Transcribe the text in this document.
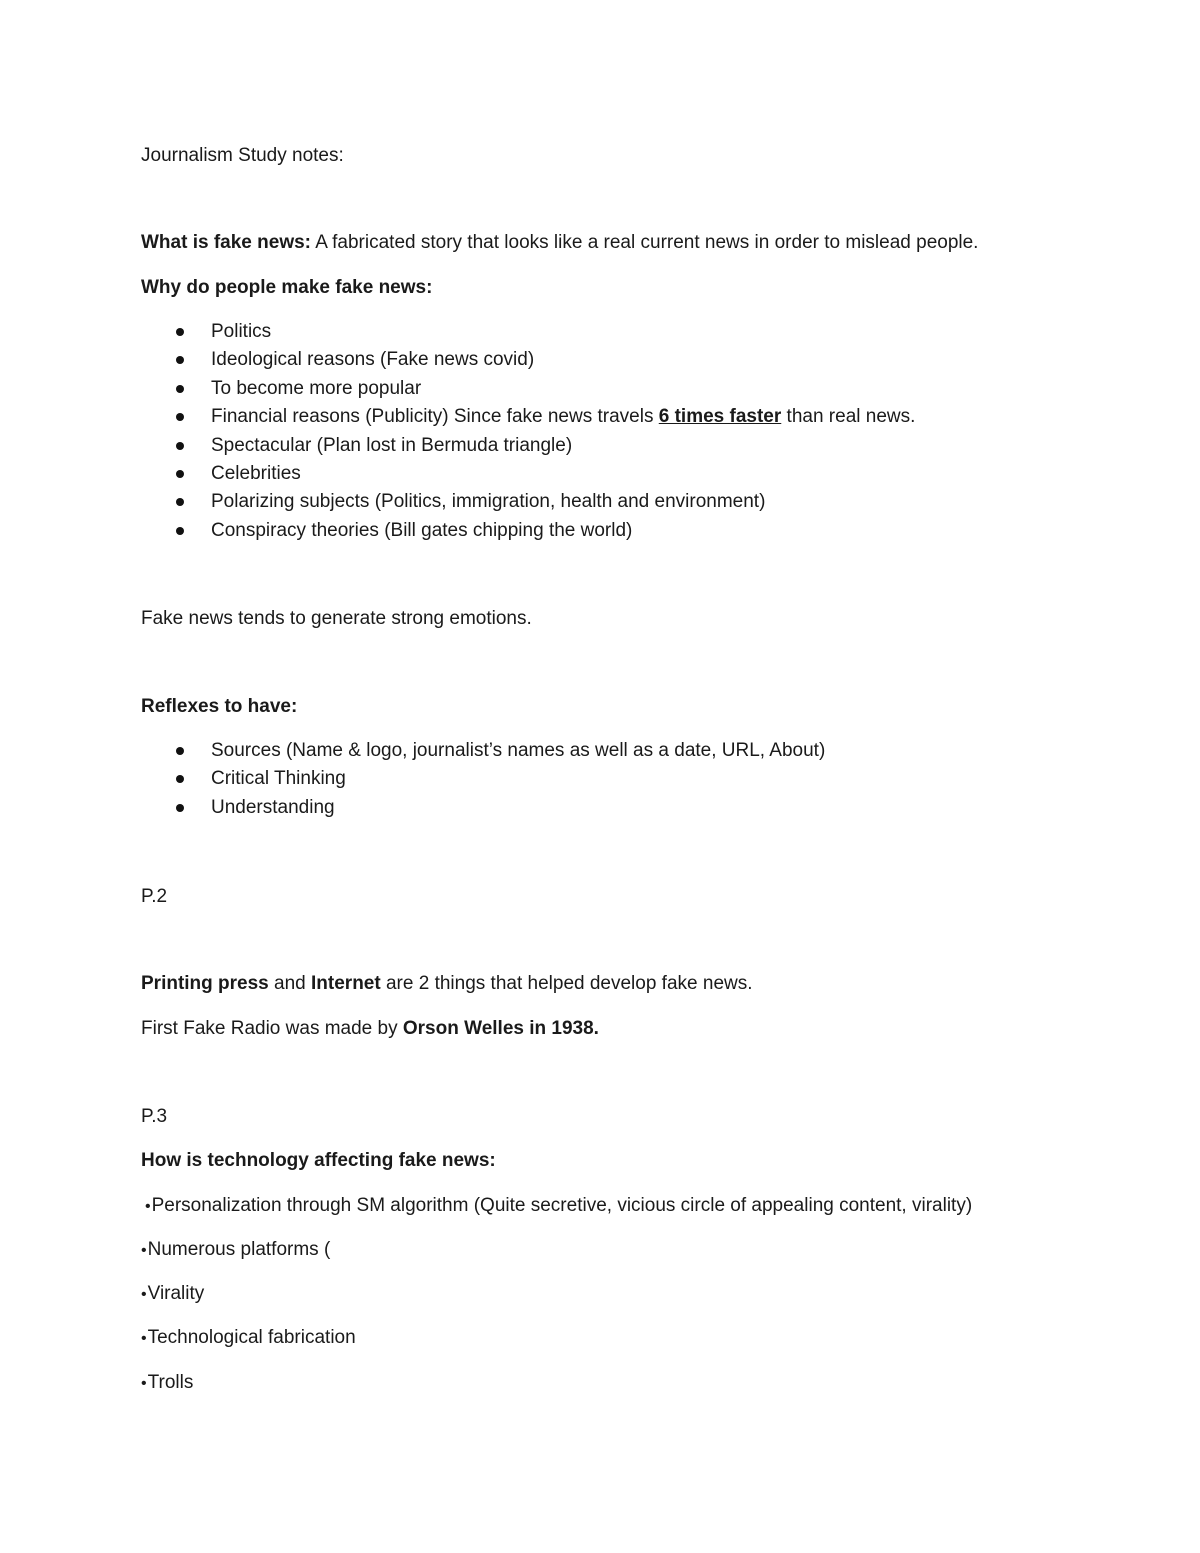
Journalism Study notes:
What is fake news: A fabricated story that looks like a real current news in order to mislead people.
Why do people make fake news:
Politics
Ideological reasons (Fake news covid)
To become more popular
Financial reasons (Publicity) Since fake news travels 6 times faster than real news.
Spectacular (Plan lost in Bermuda triangle)
Celebrities
Polarizing subjects (Politics, immigration, health and environment)
Conspiracy theories (Bill gates chipping the world)
Fake news tends to generate strong emotions.
Reflexes to have:
Sources (Name & logo, journalist’s names as well as a date, URL, About)
Critical Thinking
Understanding
P.2
Printing press and Internet are 2 things that helped develop fake news.
First Fake Radio was made by Orson Welles in 1938.
P.3
How is technology affecting fake news:
•Personalization through SM algorithm (Quite secretive, vicious circle of appealing content, virality)
•Numerous platforms (
•Virality
•Technological fabrication
•Trolls
